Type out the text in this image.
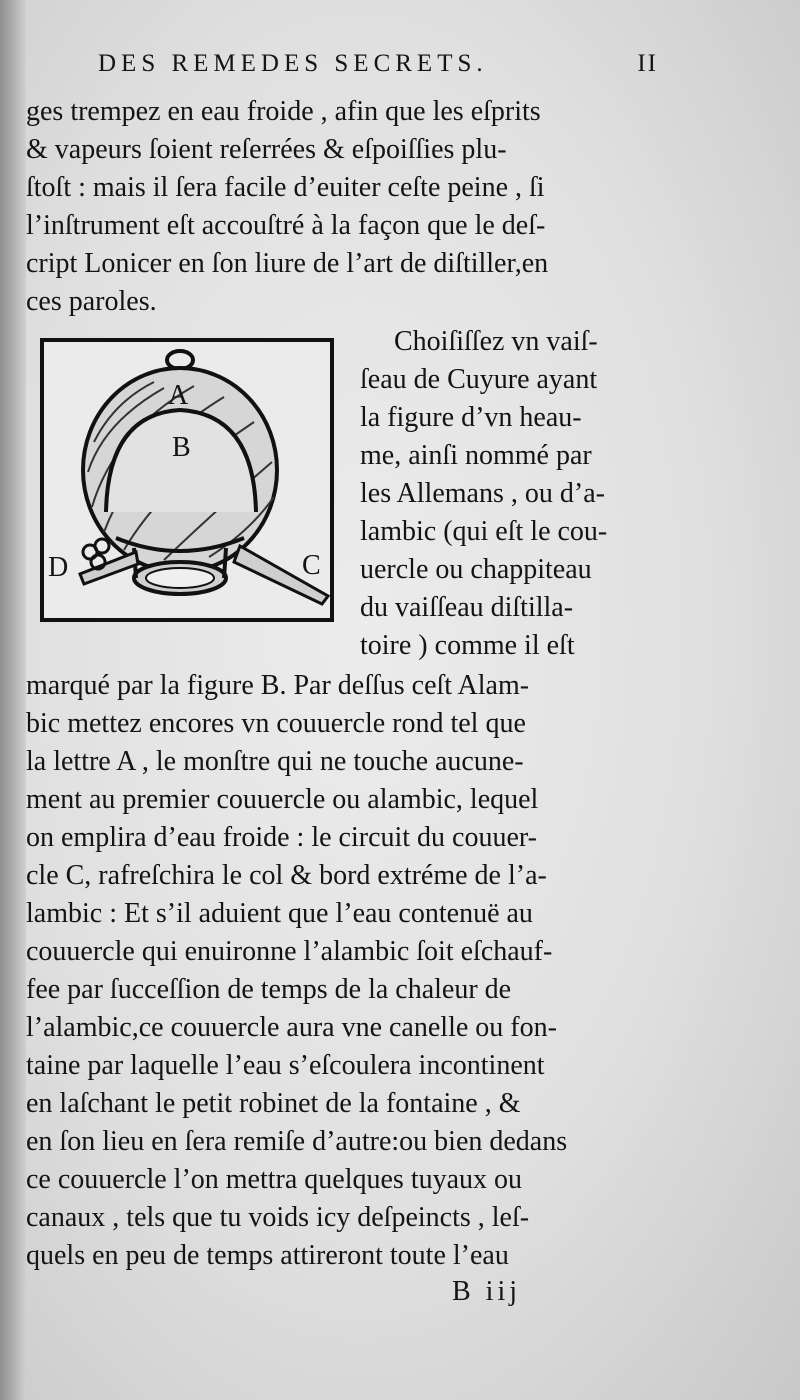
DES REMEDES SECRETS.	II
ges trempez en eau froide , afin que les eſprits
& vapeurs ſoient reſerrées & eſpoiſſies plu-
ſtoſt : mais il ſera facile d’euiter ceſte peine , ſi
l’inſtrument eſt accouſtré à la façon que le deſ-
cript Lonicer en ſon liure de l’art de diſtiller,en
ces paroles.
A
B
C
D
Choiſiſſez vn vaiſ-
ſeau de Cuyure ayant
la figure d’vn heau-
me, ainſi nommé par
les Allemans , ou d’a-
lambic (qui eſt le cou-
uercle ou chappiteau
du vaiſſeau diſtilla-
toire ) comme il eſt
marqué par la figure B. Par deſſus ceſt Alam-
bic mettez encores vn couuercle rond tel que
la lettre A , le monſtre qui ne touche aucune-
ment au premier couuercle ou alambic, lequel
on emplira d’eau froide : le circuit du couuer-
cle C, rafreſchira le col & bord extréme de l’a-
lambic : Et s’il aduient que l’eau contenuë au
couuercle qui enuironne l’alambic ſoit eſchauf-
fee par ſucceſſion de temps de la chaleur de
l’alambic,ce couuercle aura vne canelle ou fon-
taine par laquelle l’eau s’eſcoulera incontinent
en laſchant le petit robinet de la fontaine , &
en ſon lieu en ſera remiſe d’autre:ou bien dedans
ce couuercle l’on mettra quelques tuyaux ou
canaux , tels que tu voids icy deſpeincts , leſ-
quels en peu de temps attireront toute l’eau
B iij
